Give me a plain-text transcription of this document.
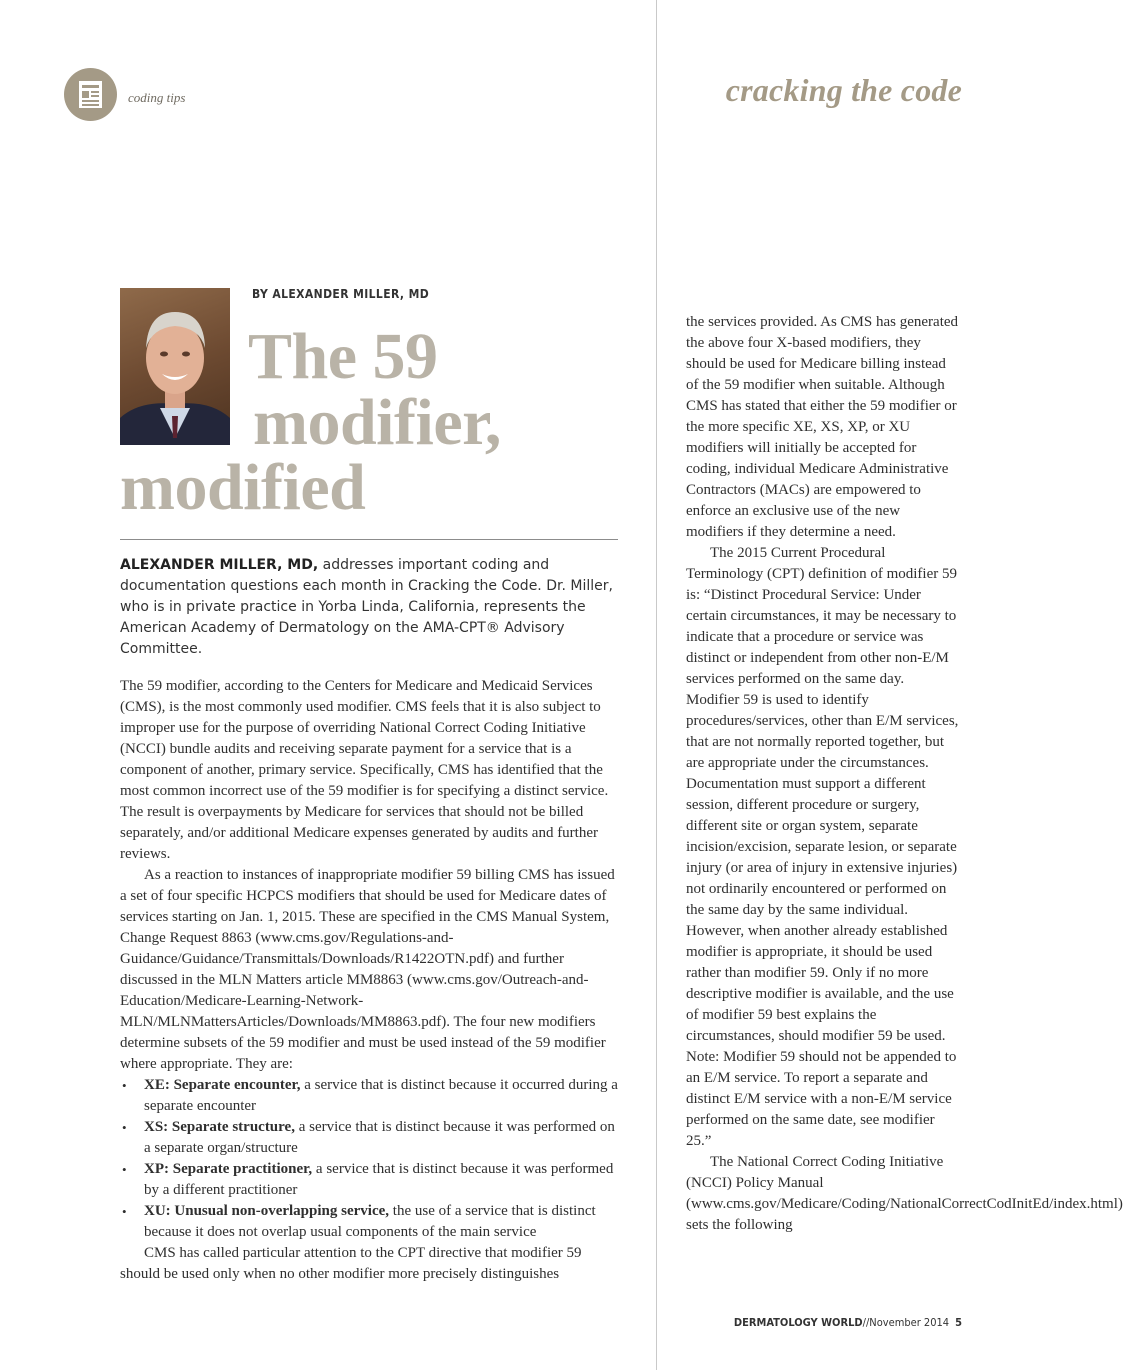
coding tips	cracking the code
BY ALEXANDER MILLER, MD
The 59
modifier,
modified
ALEXANDER MILLER, MD, addresses important coding and documentation questions each month in Cracking the Code. Dr. Miller, who is in private practice in Yorba Linda, California, represents the American Academy of Dermatology on the AMA-CPT® Advisory Committee.

The 59 modifier, according to the Centers for Medicare and Medicaid Services (CMS), is the most commonly used modifier. CMS feels that it is also subject to improper use for the purpose of overriding National Correct Coding Initiative (NCCI) bundle audits and receiving separate payment for a service that is a component of another, primary service. Specifically, CMS has identified that the most common incorrect use of the 59 modifier is for specifying a distinct service. The result is overpayments by Medicare for services that should not be billed separately, and/or additional Medicare expenses generated by audits and further reviews.

As a reaction to instances of inappropriate modifier 59 billing CMS has issued a set of four specific HCPCS modifiers that should be used for Medicare dates of services starting on Jan. 1, 2015. These are specified in the CMS Manual System, Change Request 8863 (www.cms.gov/Regulations-and-Guidance/Guidance/Transmittals/Downloads/R1422OTN.pdf) and further discussed in the MLN Matters article MM8863 (www.cms.gov/Outreach-and-Education/Medicare-Learning-Network-MLN/MLNMattersArticles/Downloads/MM8863.pdf). The four new modifiers determine subsets of the 59 modifier and must be used instead of the 59 modifier where appropriate. They are:

• XE: Separate encounter, a service that is distinct because it occurred during a separate encounter
• XS: Separate structure, a service that is distinct because it was performed on a separate organ/structure
• XP: Separate practitioner, a service that is distinct because it was performed by a different practitioner
• XU: Unusual non-overlapping service, the use of a service that is distinct because it does not overlap usual components of the main service

CMS has called particular attention to the CPT directive that modifier 59 should be used only when no other modifier more precisely distinguishes

the services provided. As CMS has generated the above four X-based modifiers, they should be used for Medicare billing instead of the 59 modifier when suitable. Although CMS has stated that either the 59 modifier or the more specific XE, XS, XP, or XU modifiers will initially be accepted for coding, individual Medicare Administrative Contractors (MACs) are empowered to enforce an exclusive use of the new modifiers if they determine a need.

The 2015 Current Procedural Terminology (CPT) definition of modifier 59 is: “Distinct Procedural Service: Under certain circumstances, it may be necessary to indicate that a procedure or service was distinct or independent from other non-E/M services performed on the same day. Modifier 59 is used to identify procedures/services, other than E/M services, that are not normally reported together, but are appropriate under the circumstances. Documentation must support a different session, different procedure or surgery, different site or organ system, separate incision/excision, separate lesion, or separate injury (or area of injury in extensive injuries) not ordinarily encountered or performed on the same day by the same individual. However, when another already established modifier is appropriate, it should be used rather than modifier 59. Only if no more descriptive modifier is available, and the use of modifier 59 best explains the circumstances, should modifier 59 be used. Note: Modifier 59 should not be appended to an E/M service. To report a separate and distinct E/M service with a non-E/M service performed on the same date, see modifier 25.”

The National Correct Coding Initiative (NCCI) Policy Manual (www.cms.gov/Medicare/Coding/NationalCorrectCodInitEd/index.html) sets the following

DERMATOLOGY WORLD//November 2014 5
